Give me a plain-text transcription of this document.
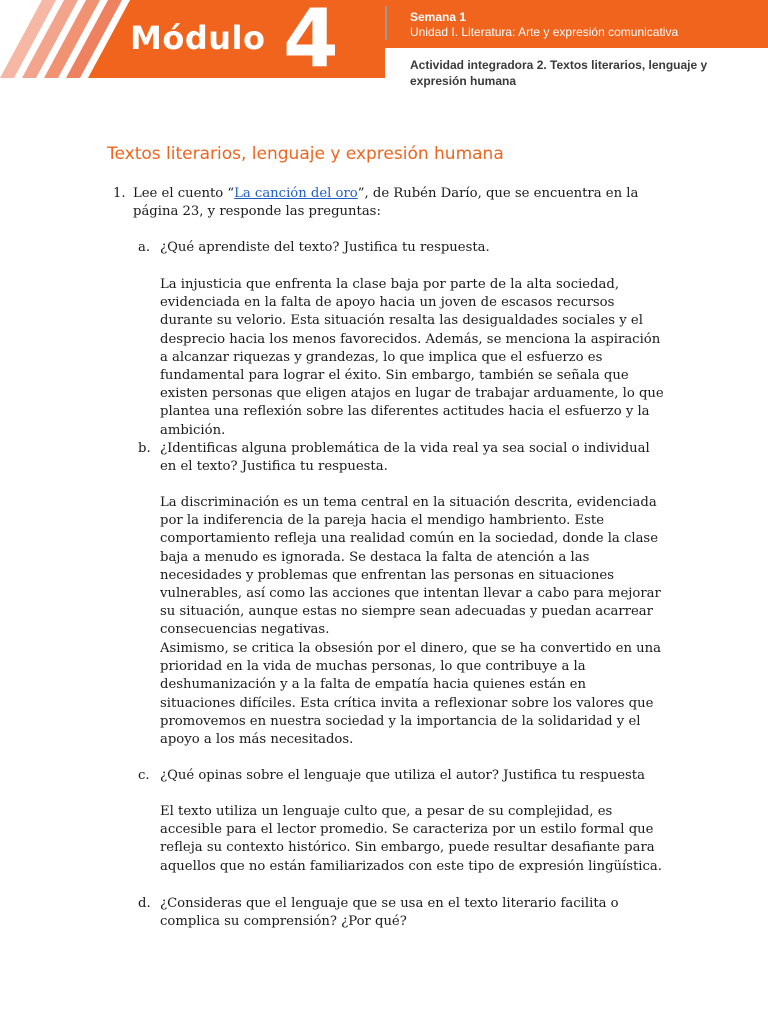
Módulo 4	Semana 1
Unidad I. Literatura: Arte y expresión comunicativa
Actividad integradora 2. Textos literarios, lenguaje y expresión humana
Textos literarios, lenguaje y expresión humana
1. Lee el cuento “La canción del oro”, de Rubén Darío, que se encuentra en la página 23, y responde las preguntas:
a. ¿Qué aprendiste del texto? Justifica tu respuesta.

La injusticia que enfrenta la clase baja por parte de la alta sociedad, evidenciada en la falta de apoyo hacia un joven de escasos recursos durante su velorio. Esta situación resalta las desigualdades sociales y el desprecio hacia los menos favorecidos. Además, se menciona la aspiración a alcanzar riquezas y grandezas, lo que implica que el esfuerzo es fundamental para lograr el éxito. Sin embargo, también se señala que existen personas que eligen atajos en lugar de trabajar arduamente, lo que plantea una reflexión sobre las diferentes actitudes hacia el esfuerzo y la ambición.

b. ¿Identificas alguna problemática de la vida real ya sea social o individual en el texto? Justifica tu respuesta.

La discriminación es un tema central en la situación descrita, evidenciada por la indiferencia de la pareja hacia el mendigo hambriento. Este comportamiento refleja una realidad común en la sociedad, donde la clase baja a menudo es ignorada. Se destaca la falta de atención a las necesidades y problemas que enfrentan las personas en situaciones vulnerables, así como las acciones que intentan llevar a cabo para mejorar su situación, aunque estas no siempre sean adecuadas y puedan acarrear consecuencias negativas.

Asimismo, se critica la obsesión por el dinero, que se ha convertido en una prioridad en la vida de muchas personas, lo que contribuye a la deshumanización y a la falta de empatía hacia quienes están en situaciones difíciles. Esta crítica invita a reflexionar sobre los valores que promovemos en nuestra sociedad y la importancia de la solidaridad y el apoyo a los más necesitados.

c. ¿Qué opinas sobre el lenguaje que utiliza el autor? Justifica tu respuesta

El texto utiliza un lenguaje culto que, a pesar de su complejidad, es accesible para el lector promedio. Se caracteriza por un estilo formal que refleja su contexto histórico. Sin embargo, puede resultar desafiante para aquellos que no están familiarizados con este tipo de expresión lingüística.

d. ¿Consideras que el lenguaje que se usa en el texto literario facilita o complica su comprensión? ¿Por qué?
